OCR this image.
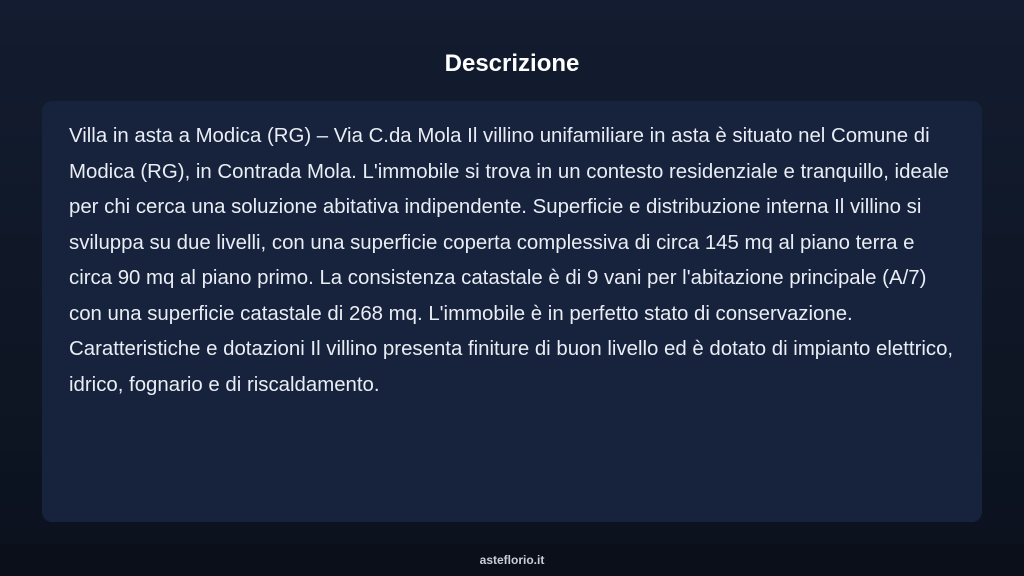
Descrizione

Villa in asta a Modica (RG) – Via C.da Mola Il villino unifamiliare in asta è situato nel Comune di Modica (RG), in Contrada Mola. L'immobile si trova in un contesto residenziale e tranquillo, ideale per chi cerca una soluzione abitativa indipendente. Superficie e distribuzione interna Il villino si sviluppa su due livelli, con una superficie coperta complessiva di circa 145 mq al piano terra e circa 90 mq al piano primo. La consistenza catastale è di 9 vani per l'abitazione principale (A/7) con una superficie catastale di 268 mq. L'immobile è in perfetto stato di conservazione. Caratteristiche e dotazioni Il villino presenta finiture di buon livello ed è dotato di impianto elettrico, idrico, fognario e di riscaldamento.

asteflorio.it
